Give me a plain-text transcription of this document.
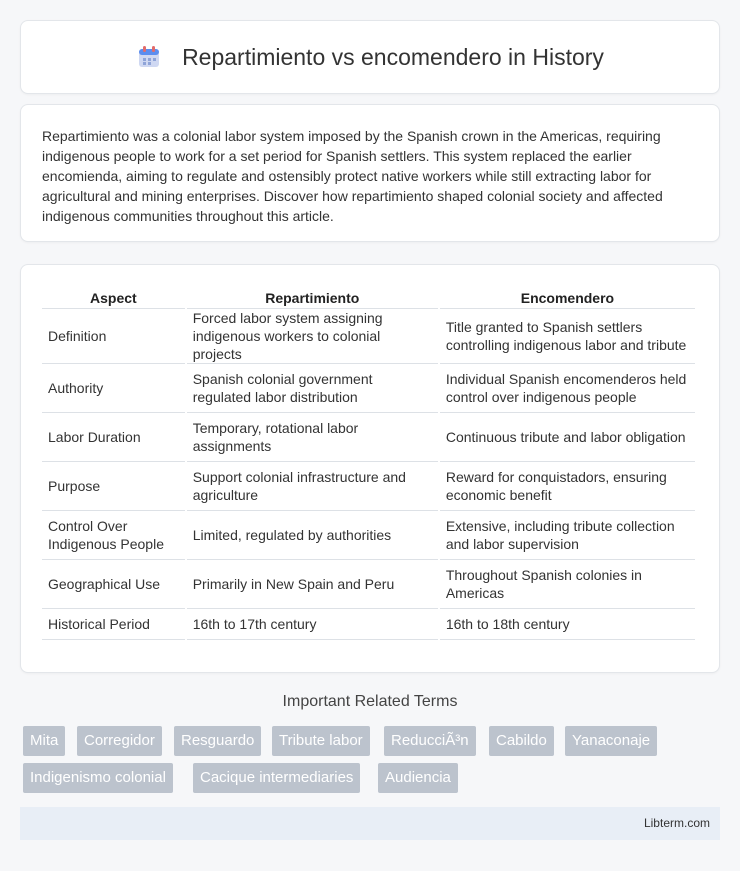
Repartimiento vs encomendero in History

Repartimiento was a colonial labor system imposed by the Spanish crown in the Americas, requiring indigenous people to work for a set period for Spanish settlers. This system replaced the earlier encomienda, aiming to regulate and ostensibly protect native workers while still extracting labor for agricultural and mining enterprises. Discover how repartimiento shaped colonial society and affected indigenous communities throughout this article.

Aspect	Repartimiento	Encomendero
Definition	Forced labor system assigning indigenous workers to colonial projects	Title granted to Spanish settlers controlling indigenous labor and tribute
Authority	Spanish colonial government regulated labor distribution	Individual Spanish encomenderos held control over indigenous people
Labor Duration	Temporary, rotational labor assignments	Continuous tribute and labor obligation
Purpose	Support colonial infrastructure and agriculture	Reward for conquistadors, ensuring economic benefit
Control Over Indigenous People	Limited, regulated by authorities	Extensive, including tribute collection and labor supervision
Geographical Use	Primarily in New Spain and Peru	Throughout Spanish colonies in Americas
Historical Period	16th to 17th century	16th to 18th century
Important Related Terms
Mita	Corregidor	Resguardo	Tribute labor	ReducciÃ³n	Cabildo	Yanaconaje
Indigenismo colonial	Cacique intermediaries	Audiencia
Libterm.com
